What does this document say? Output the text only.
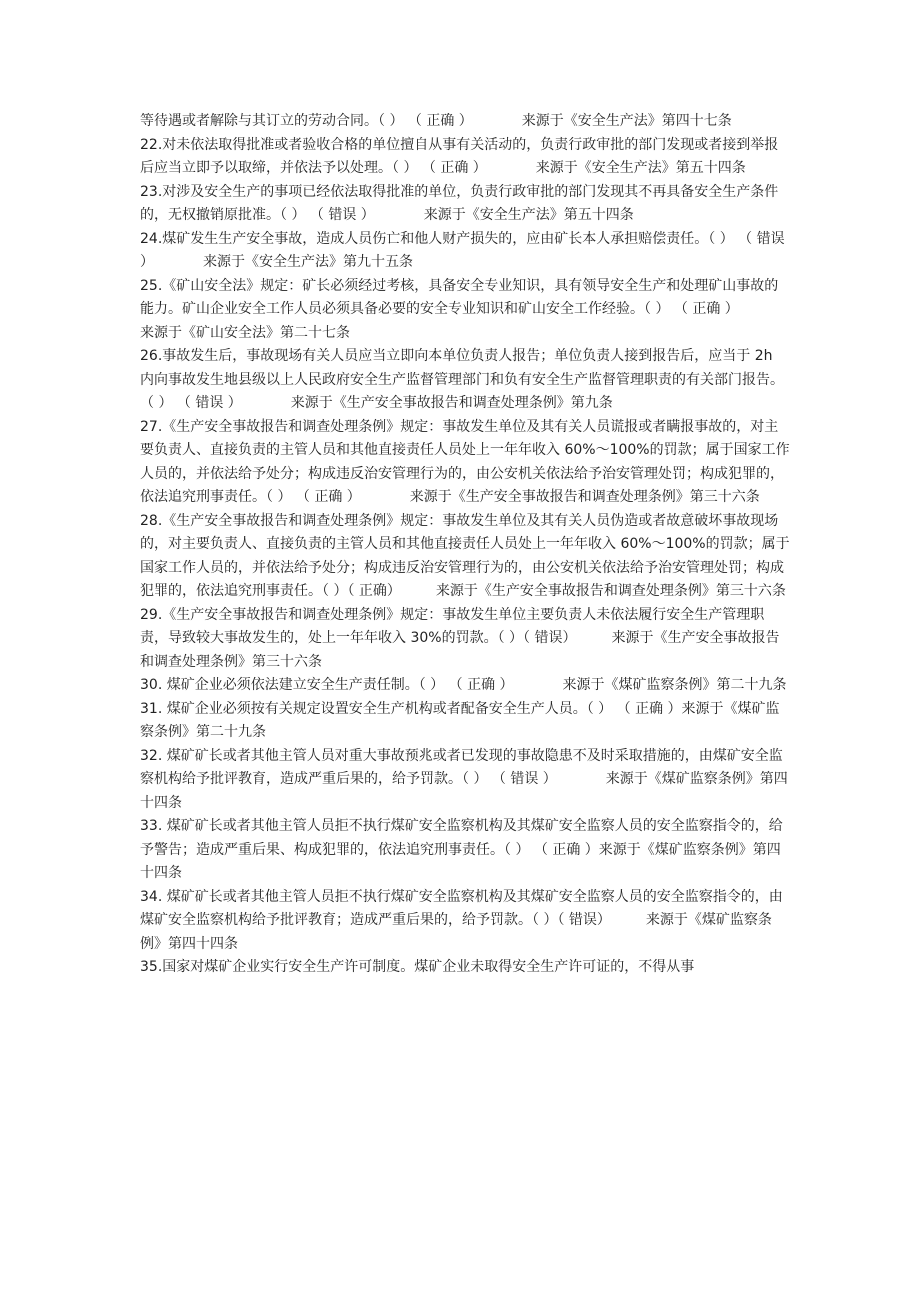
等待遇或者解除与其订立的劳动合同。（ ） （ 正确 ）　　　　来源于《安全生产法》第四十七条

22.对未依法取得批准或者验收合格的单位擅自从事有关活动的，负责行政审批的部门发现或者接到举报后应当立即予以取缔，并依法予以处理。（ ） （ 正确 ）　　　　来源于《安全生产法》第五十四条

23.对涉及安全生产的事项已经依法取得批准的单位，负责行政审批的部门发现其不再具备安全生产条件的，无权撤销原批准。（ ） （ 错误 ）　　　　来源于《安全生产法》第五十四条

24.煤矿发生生产安全事故，造成人员伤亡和他人财产损失的，应由矿长本人承担赔偿责任。（ ） （ 错误 ）　　　　来源于《安全生产法》第九十五条

25.《矿山安全法》规定：矿长必须经过考核，具备安全专业知识，具有领导安全生产和处理矿山事故的能力。矿山企业安全工作人员必须具备必要的安全专业知识和矿山安全工作经验。（ ） （ 正确 ）　　　　来源于《矿山安全法》第二十七条

26.事故发生后，事故现场有关人员应当立即向本单位负责人报告；单位负责人接到报告后，应当于 2h 内向事故发生地县级以上人民政府安全生产监督管理部门和负有安全生产监督管理职责的有关部门报告。（ ） （ 错误 ）　　　　来源于《生产安全事故报告和调查处理条例》第九条

27.《生产安全事故报告和调查处理条例》规定：事故发生单位及其有关人员谎报或者瞒报事故的，对主要负责人、直接负责的主管人员和其他直接责任人员处上一年年收入 60%～100%的罚款；属于国家工作人员的，并依法给予处分；构成违反治安管理行为的，由公安机关依法给予治安管理处罚；构成犯罪的，依法追究刑事责任。（ ） （ 正确 ）　　　　来源于《生产安全事故报告和调查处理条例》第三十六条

28.《生产安全事故报告和调查处理条例》规定：事故发生单位及其有关人员伪造或者故意破坏事故现场的，对主要负责人、直接负责的主管人员和其他直接责任人员处上一年年收入 60%～100%的罚款；属于国家工作人员的，并依法给予处分；构成违反治安管理行为的，由公安机关依法给予治安管理处罚；构成犯罪的，依法追究刑事责任。（ ）（ 正确）　　　来源于《生产安全事故报告和调查处理条例》第三十六条

29.《生产安全事故报告和调查处理条例》规定：事故发生单位主要负责人未依法履行安全生产管理职责，导致较大事故发生的，处上一年年收入 30%的罚款。（ ）（ 错误）　　　来源于《生产安全事故报告和调查处理条例》第三十六条

30. 煤矿企业必须依法建立安全生产责任制。（ ） （ 正确 ）　　　　来源于《煤矿监察条例》第二十九条

31. 煤矿企业必须按有关规定设置安全生产机构或者配备安全生产人员。（ ） （ 正确 ）来源于《煤矿监察条例》第二十九条

32. 煤矿矿长或者其他主管人员对重大事故预兆或者已发现的事故隐患不及时采取措施的，由煤矿安全监察机构给予批评教育，造成严重后果的，给予罚款。（ ） （ 错误 ）　　　　来源于《煤矿监察条例》第四十四条

33. 煤矿矿长或者其他主管人员拒不执行煤矿安全监察机构及其煤矿安全监察人员的安全监察指令的，给予警告；造成严重后果、构成犯罪的，依法追究刑事责任。（ ） （ 正确 ）来源于《煤矿监察条例》第四十四条

34. 煤矿矿长或者其他主管人员拒不执行煤矿安全监察机构及其煤矿安全监察人员的安全监察指令的，由煤矿安全监察机构给予批评教育；造成严重后果的，给予罚款。（ ）（ 错误）　　　来源于《煤矿监察条例》第四十四条

35.国家对煤矿企业实行安全生产许可制度。煤矿企业未取得安全生产许可证的，不得从事
